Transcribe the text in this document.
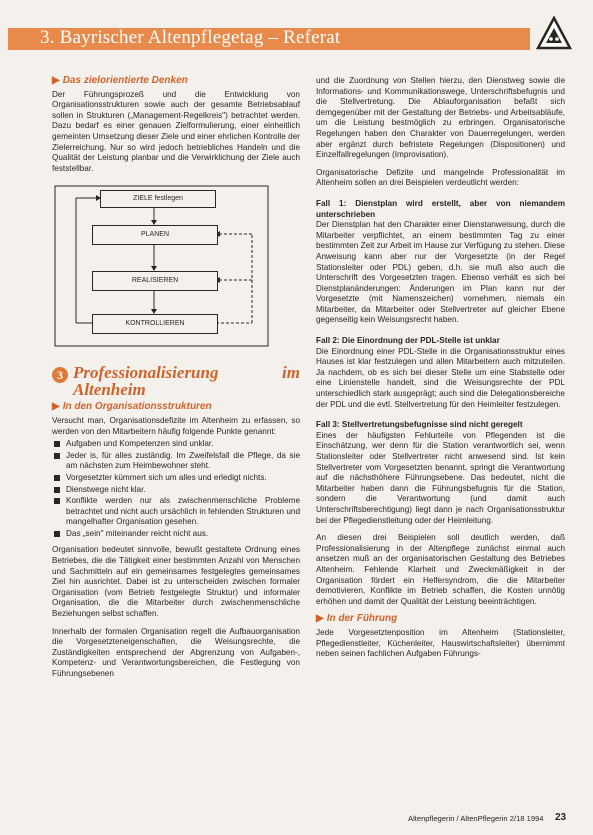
3. Bayrischer Altenpflegetag – Referat
▶ Das zielorientierte Denken

Der Führungsprozeß und die Entwicklung von Organisationsstrukturen sowie auch der gesamte Betriebsablauf sollen in Strukturen („Management-Regelkreis") betrachtet werden. Dazu bedarf es einer genauen Zielformulierung, einer einheitlich gemeinten Umsetzung dieser Ziele und einer ehrlichen Kontrolle der Zielerreichung. Nur so wird jedoch betriebliches Handeln und die Qualität der Leistung planbar und die Verwirklichung der Ziele auch feststellbar.

ZIELE festlegen
PLANEN
REALISIEREN
KONTROLLIEREN
3 Professionalisierung im Altenheim
▶ In den Organisationsstrukturen

Versucht man, Organisationsdefizite im Altenheim zu erfassen, so werden von den Mitarbeitern häufig folgende Punkte genannt:

Aufgaben und Kompetenzen sind unklar.
Jeder is, für alles zuständig. Im Zweifelsfall die Pflege, da sie am nächsten zum Heimbewohner steht.
Vorgesetzter kümmert sich um alles und erledigt nichts.
Dienstwege nicht klar.
Konflikte werden nur als zwischenmenschliche Probleme betrachtet und nicht auch ursächlich in fehlenden Strukturen und mangelhafter Organisation gesehen.
Das „sein" miteinander reicht nicht aus.

Organisation bedeutet sinnvolle, bewußt gestaltete Ordnung eines Betriebes, die die Tätigkeit einer bestimmten Anzahl von Menschen und Sachmitteln auf ein gemeinsames festgelegtes gemeinsames Ziel hin ausrichtet. Dabei ist zu unterscheiden zwischen formaler Organisation (vom Betrieb festgelegte Struktur) und informaler Organisation, die die Mitarbeiter durch zwischenmenschliche Beziehungen selbst schaffen.

Innerhalb der formalen Organisation regelt die Aufbauorganisation die Vorgesetzteneigenschaften, die Weisungsrechte, die Zuständigkeiten entsprechend der Abgrenzung von Aufgaben-, Kompetenz- und Verantwortungsbereichen, die Festlegung von Führungsebenen

und die Zuordnung von Stellen hierzu, den Dienstweg sowie die Informations- und Kommunikationswege, Unterschriftsbefugnis und die Stellvertretung. Die Ablauforganisation befaßt sich demgegenüber mit der Gestaltung der Betriebs- und Arbeitsabläufe, um die Leistung bestmöglich zu erbringen. Organisatorische Regelungen haben den Charakter von Dauerregelungen, werden aber ergänzt durch befristete Regelungen (Dispositionen) und Einzelfallregelungen (Improvisation).

Organisatorische Defizite und mangelnde Professionalität im Altenheim sollen an drei Beispielen verdeutlicht werden:

Fall 1: Dienstplan wird erstellt, aber von niemandem unterschrieben

Der Dienstplan hat den Charakter einer Dienstanweisung, durch die Mitarbeiter verpflichtet, an einem bestimmten Tag zu einer bestimmten Zeit zur Arbeit im Hause zur Verfügung zu stehen. Diese Anweisung kann aber nur der Vorgesetzte (in der Regel Stationsleiter oder PDL) geben, d.h. sie muß also auch die Unterschrift des Vorgesetzten tragen. Ebenso verhält es sich bei Dienstplanänderungen: Änderungen im Plan kann nur der Vorgesetzte (mit Namenszeichen) vornehmen, niemals ein Mitarbeiter, da Mitarbeiter oder Stellvertreter auf gleicher Ebene gegenseitig kein Weisungsrecht haben.

Fall 2: Die Einordnung der PDL-Stelle ist unklar

Die Einordnung einer PDL-Stelle in die Organisationsstruktur eines Hauses ist klar festzulegen und allen Mitarbeitern auch mitzuteilen. Ja nachdem, ob es sich bei dieser Stelle um eine Stabstelle oder eine Linienstelle handelt, sind die Weisungsrechte der PDL unterschiedlich stark ausgeprägt; auch sind die Delegationsbereiche der PDL und die evtl. Stellvertretung für den Heimleiter festzulegen.

Fall 3: Stellvertretungsbefugnisse sind nicht geregelt

Eines der häufigsten Fehlurteile von Pflegenden ist die Einschätzung, wer denn für die Station verantwortlich sei, wenn Stationsleiter oder Stellvertreter nicht anwesend sind. Ist kein Stellvertreter vom Vorgesetzten benannt, springt die Verantwortung auf die nächsthöhere Führungsebene. Das bedeutet, nicht die Mitarbeiter haben dann die Führungsbefugnis für die Station, sondern die Verantwortung (und damit auch Unterschriftsberechtigung) liegt dann je nach Organisationsstruktur bei der Pflegedienstleitung oder der Heimleitung.

An diesen drei Beispielen soll deutlich werden, daß Professionalisierung in der Altenpflege zunächst einmal auch ansetzen muß an der organisatorischen Gestaltung des Betriebes Altenheim. Fehlende Klarheit und Zweckmäßigkeit in der Organisation fördert ein Helfersyndrom, die die Mitarbeiter demotivieren, Konflikte im Betrieb schaffen, die Kosten unnötig erhöhen und damit der Qualität der Leistung beeinträchtigen.

▶ In der Führung

Jede Vorgesetztenposition im Altenheim (Stationsleiter, Pflegedienstleiter, Küchenleiter, Hauswirtschaftsleiter) übernimmt neben seinen fachlichen Aufgaben Führungs-

Altenpflegerin / AltenPflegerin 2/18 1994 23
